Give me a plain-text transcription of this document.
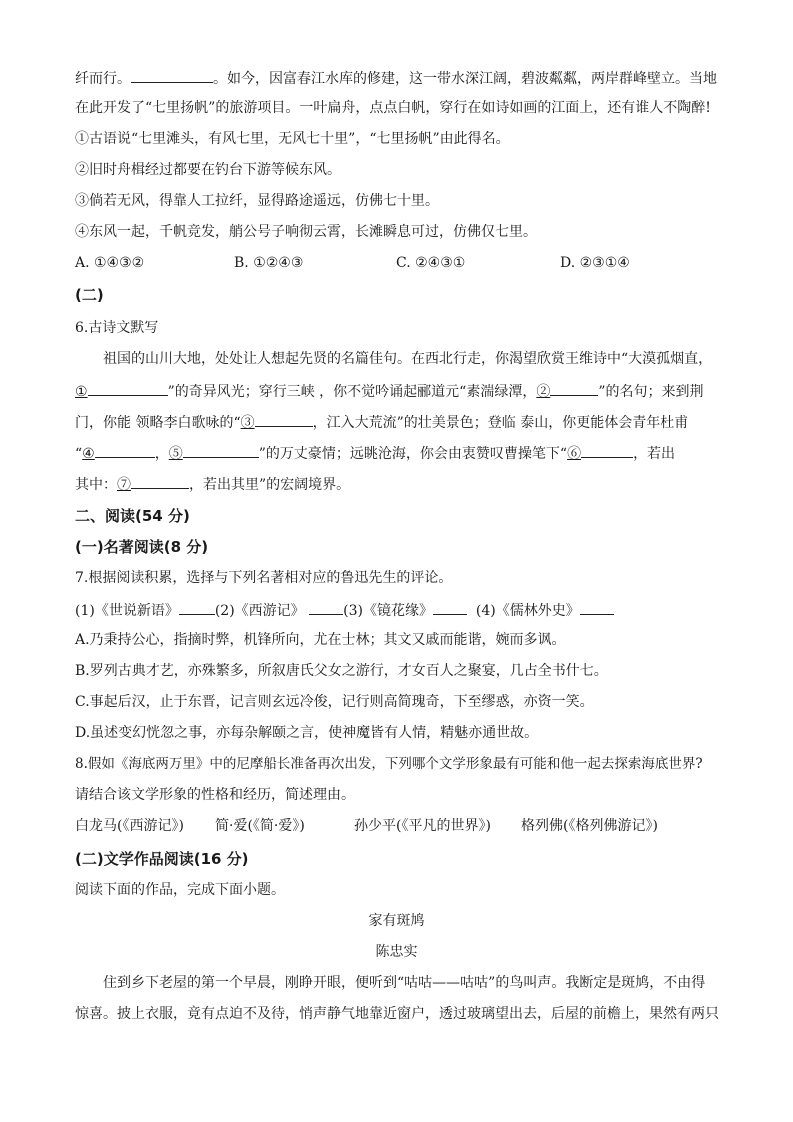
纤而行。	。如今，因富春江水库的修建，这一带水深江阔，碧波粼粼，两岸群峰壁立。当地
在此开发了“七里扬帆”的旅游项目。一叶扁舟，点点白帆，穿行在如诗如画的江面上，还有谁人不陶醉!
①古语说“七里滩头，有风七里，无风七十里”，“七里扬帆”由此得名。
②旧时舟楫经过都要在钓台下游等候东风。
③倘若无风，得靠人工拉纤，显得路途遥远，仿佛七十里。
④东风一起，千帆竞发，艄公号子响彻云霄，长滩瞬息可过，仿佛仅七里。
A. ①④③②	B. ①②④③	C. ②④③①	D. ②③①④
(二)
6.古诗文默写
祖国的山川大地，处处让人想起先贤的名篇佳句。在西北行走，你渴望欣赏王维诗中“大漠孤烟直，
①	”的奇异风光；穿行三峡 ，你不觉吟诵起郦道元“素湍绿潭，②	”的名句；来到荆
门，你能 领略李白歌咏的“③	，江入大荒流”的壮美景色；登临 泰山，你更能体会青年杜甫
“④	，⑤	”的万丈豪情；远眺沧海，你会由衷赞叹曹操笔下“⑥	，若出
其中：⑦	，若出其里”的宏阔境界。
二、阅读(54 分)
(一)名著阅读(8 分)
7.根据阅读积累，选择与下列名著相对应的鲁迅先生的评论。
(1)《世说新语》	(2)《西游记》	(3)《镜花缘》	(4)《儒林外史》
A.乃秉持公心，指摘时弊，机锋所向，尤在士林；其文又戚而能谐，婉而多讽。
B.罗列古典才艺，亦殊繁多，所叙唐氏父女之游行，才女百人之聚宴，几占全书什七。
C.事起后汉，止于东晋，记言则玄远冷俊，记行则高简瑰奇，下至缪惑，亦资一笑。
D.虽述变幻恍忽之事，亦每杂解颐之言，使神魔皆有人情，精魅亦通世故。
8.假如《海底两万里》中的尼摩船长准备再次出发，下列哪个文学形象最有可能和他一起去探索海底世界?
请结合该文学形象的性格和经历，简述理由。
白龙马(《西游记》) 简·爱(《简·爱》)	孙少平(《平凡的世界》) 格列佛(《格列佛游记》)
(二)文学作品阅读(16 分)
阅读下面的作品，完成下面小题。
家有斑鸠
陈忠实
住到乡下老屋的第一个早晨，刚睁开眼，便听到“咕咕——咕咕”的鸟叫声。我断定是斑鸠，不由得
惊喜。披上衣服，竟有点迫不及待，悄声静气地靠近窗户，透过玻璃望出去，后屋的前檐上，果然有两只
